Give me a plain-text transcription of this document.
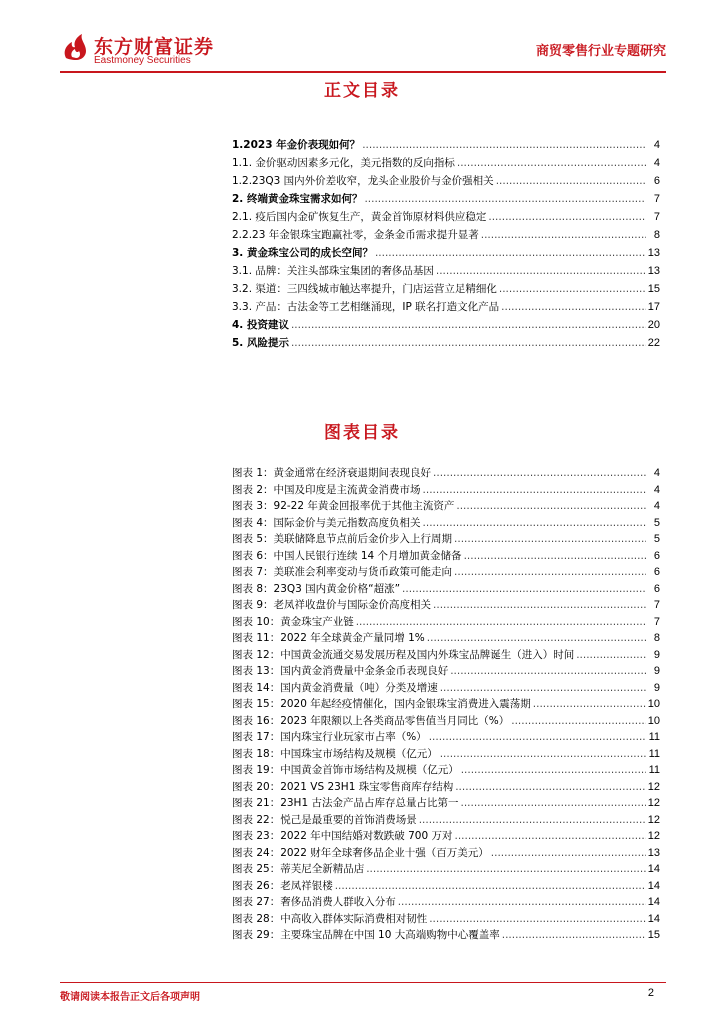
东方财富证券
Eastmoney Securities
商贸零售行业专题研究
正文目录
1.2023 年金价表现如何？ .....	4
1.1. 金价驱动因素多元化，美元指数的反向指标 .....	4
1.2.23Q3 国内外价差收窄，龙头企业股价与金价强相关 .....	6
2. 终端黄金珠宝需求如何？ .....	7
2.1. 疫后国内金矿恢复生产，黄金首饰原材料供应稳定 .....	7
2.2.23 年金银珠宝跑赢社零，金条金币需求提升显著 .....	8
3. 黄金珠宝公司的成长空间？ .....	13
3.1. 品牌：关注头部珠宝集团的奢侈品基因 .....	13
3.2. 渠道：三四线城市触达率提升，门店运营立足精细化 .....	15
3.3. 产品：古法金等工艺相继涌现，IP 联名打造文化产品 .....	17
4. 投资建议 .....	20
5. 风险提示 .....	22
图表目录
图表 1：黄金通常在经济衰退期间表现良好 .....	4
图表 2：中国及印度是主流黄金消费市场 .....	4
图表 3：92-22 年黄金回报率优于其他主流资产 .....	4
图表 4：国际金价与美元指数高度负相关 .....	5
图表 5：美联储降息节点前后金价步入上行周期 .....	5
图表 6：中国人民银行连续 14 个月增加黄金储备 .....	6
图表 7：美联准会利率变动与货币政策可能走向 .....	6
图表 8：23Q3 国内黄金价格“超涨” .....	6
图表 9：老凤祥收盘价与国际金价高度相关 .....	7
图表 10：黄金珠宝产业链 .....	7
图表 11：2022 年全球黄金产量同增 1% .....	8
图表 12：中国黄金流通交易发展历程及国内外珠宝品牌诞生（进入）时间 .....	9
图表 13：国内黄金消费量中金条金币表现良好 .....	9
图表 14：国内黄金消费量（吨）分类及增速 .....	9
图表 15：2020 年起经疫情催化，国内金银珠宝消费进入震荡期 .....	10
图表 16：2023 年限额以上各类商品零售值当月同比（%） .....	10
图表 17：国内珠宝行业玩家市占率（%） .....	11
图表 18：中国珠宝市场结构及规模（亿元） .....	11
图表 19：中国黄金首饰市场结构及规模（亿元） .....	11
图表 20：2021 VS 23H1 珠宝零售商库存结构 .....	12
图表 21：23H1 古法金产品占库存总量占比第一 .....	12
图表 22：悦己是最重要的首饰消费场景 .....	12
图表 23：2022 年中国结婚对数跌破 700 万对 .....	12
图表 24：2022 财年全球奢侈品企业十强（百万美元） .....	13
图表 25：蒂芙尼全新精品店 .....	14
图表 26：老凤祥银楼 .....	14
图表 27：奢侈品消费人群收入分布 .....	14
图表 28：中高收入群体实际消费相对韧性 .....	14
图表 29：主要珠宝品牌在中国 10 大高端购物中心覆盖率 .....	15
敬请阅读本报告正文后各项声明	2
